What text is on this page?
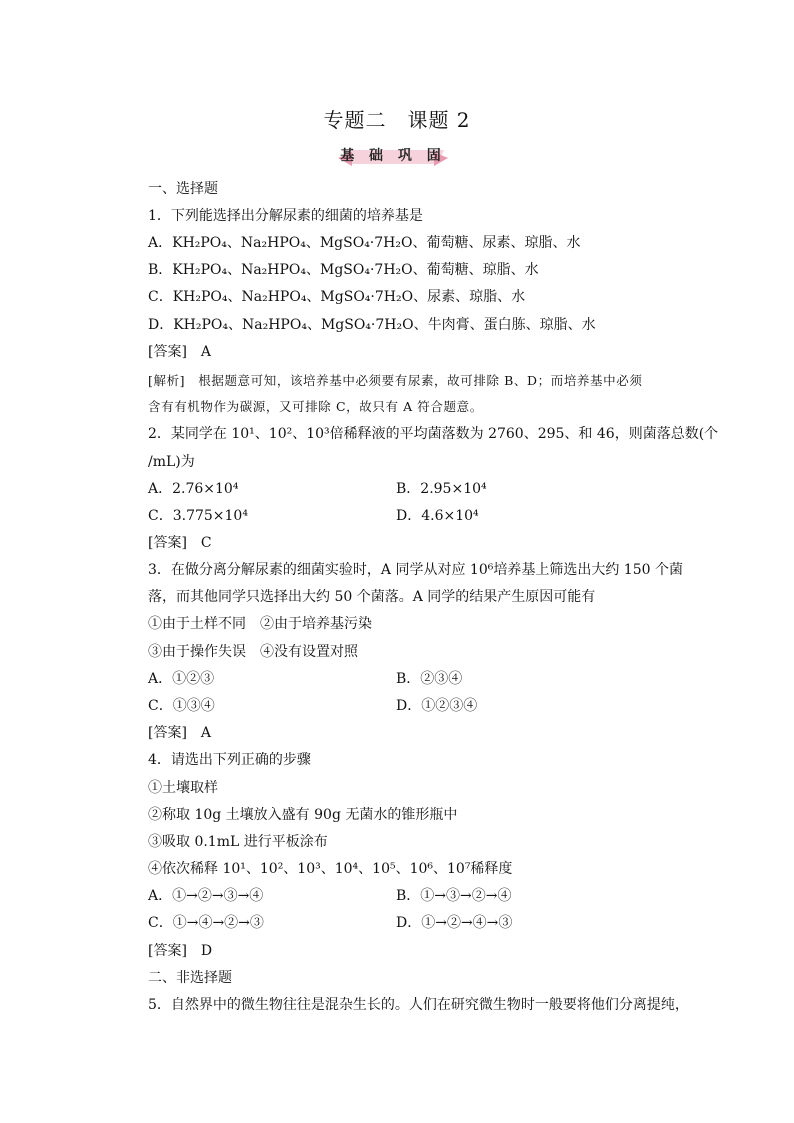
专题二　课题 2
基 础 巩 固
一、选择题
1．下列能选择出分解尿素的细菌的培养基是
A．KH₂PO₄、Na₂HPO₄、MgSO₄·7H₂O、葡萄糖、尿素、琼脂、水
B．KH₂PO₄、Na₂HPO₄、MgSO₄·7H₂O、葡萄糖、琼脂、水
C．KH₂PO₄、Na₂HPO₄、MgSO₄·7H₂O、尿素、琼脂、水
D．KH₂PO₄、Na₂HPO₄、MgSO₄·7H₂O、牛肉膏、蛋白胨、琼脂、水
[答案]　A
[解析]　根据题意可知，该培养基中必须要有尿素，故可排除 B、D；而培养基中必须
含有有机物作为碳源，又可排除 C，故只有 A 符合题意。
2．某同学在 10¹、10²、10³倍稀释液的平均菌落数为 2760、295、和 46，则菌落总数(个
/mL)为
A．2.76×10⁴	B．2.95×10⁴
C．3.775×10⁴	D．4.6×10⁴
[答案]　C
3．在做分离分解尿素的细菌实验时，A 同学从对应 10⁶培养基上筛选出大约 150 个菌
落，而其他同学只选择出大约 50 个菌落。A 同学的结果产生原因可能有
①由于土样不同　②由于培养基污染
③由于操作失误　④没有设置对照
A．①②③	B．②③④
C．①③④	D．①②③④
[答案]　A
4．请选出下列正确的步骤
①土壤取样
②称取 10g 土壤放入盛有 90g 无菌水的锥形瓶中
③吸取 0.1mL 进行平板涂布
④依次稀释 10¹、10²、10³、10⁴、10⁵、10⁶、10⁷稀释度
A．①→②→③→④	B．①→③→②→④
C．①→④→②→③	D．①→②→④→③
[答案]　D
二、非选择题
5．自然界中的微生物往往是混杂生长的。人们在研究微生物时一般要将他们分离提纯，
